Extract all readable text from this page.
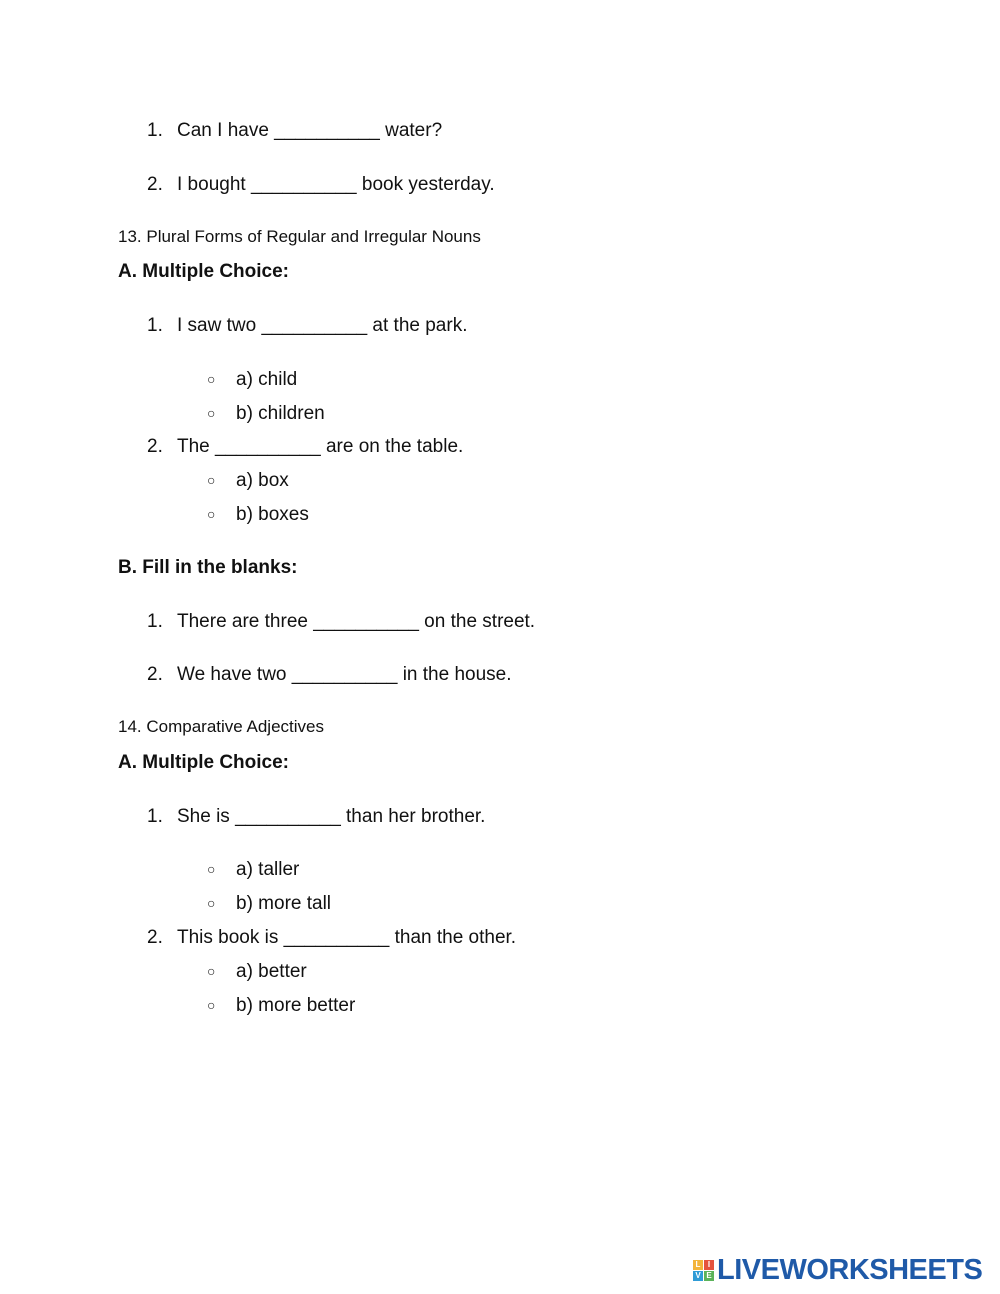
1. Can I have __________ water?
2. I bought __________ book yesterday.
13. Plural Forms of Regular and Irregular Nouns
A. Multiple Choice:
1. I saw two __________ at the park.
○ a) child
○ b) children
2. The __________ are on the table.
○ a) box
○ b) boxes
B. Fill in the blanks:
1. There are three __________ on the street.
2. We have two __________ in the house.
14. Comparative Adjectives
A. Multiple Choice:
1. She is __________ than her brother.
○ a) taller
○ b) more tall
2. This book is __________ than the other.
○ a) better
○ b) more better
L I
V E LIVEWORKSHEETS
